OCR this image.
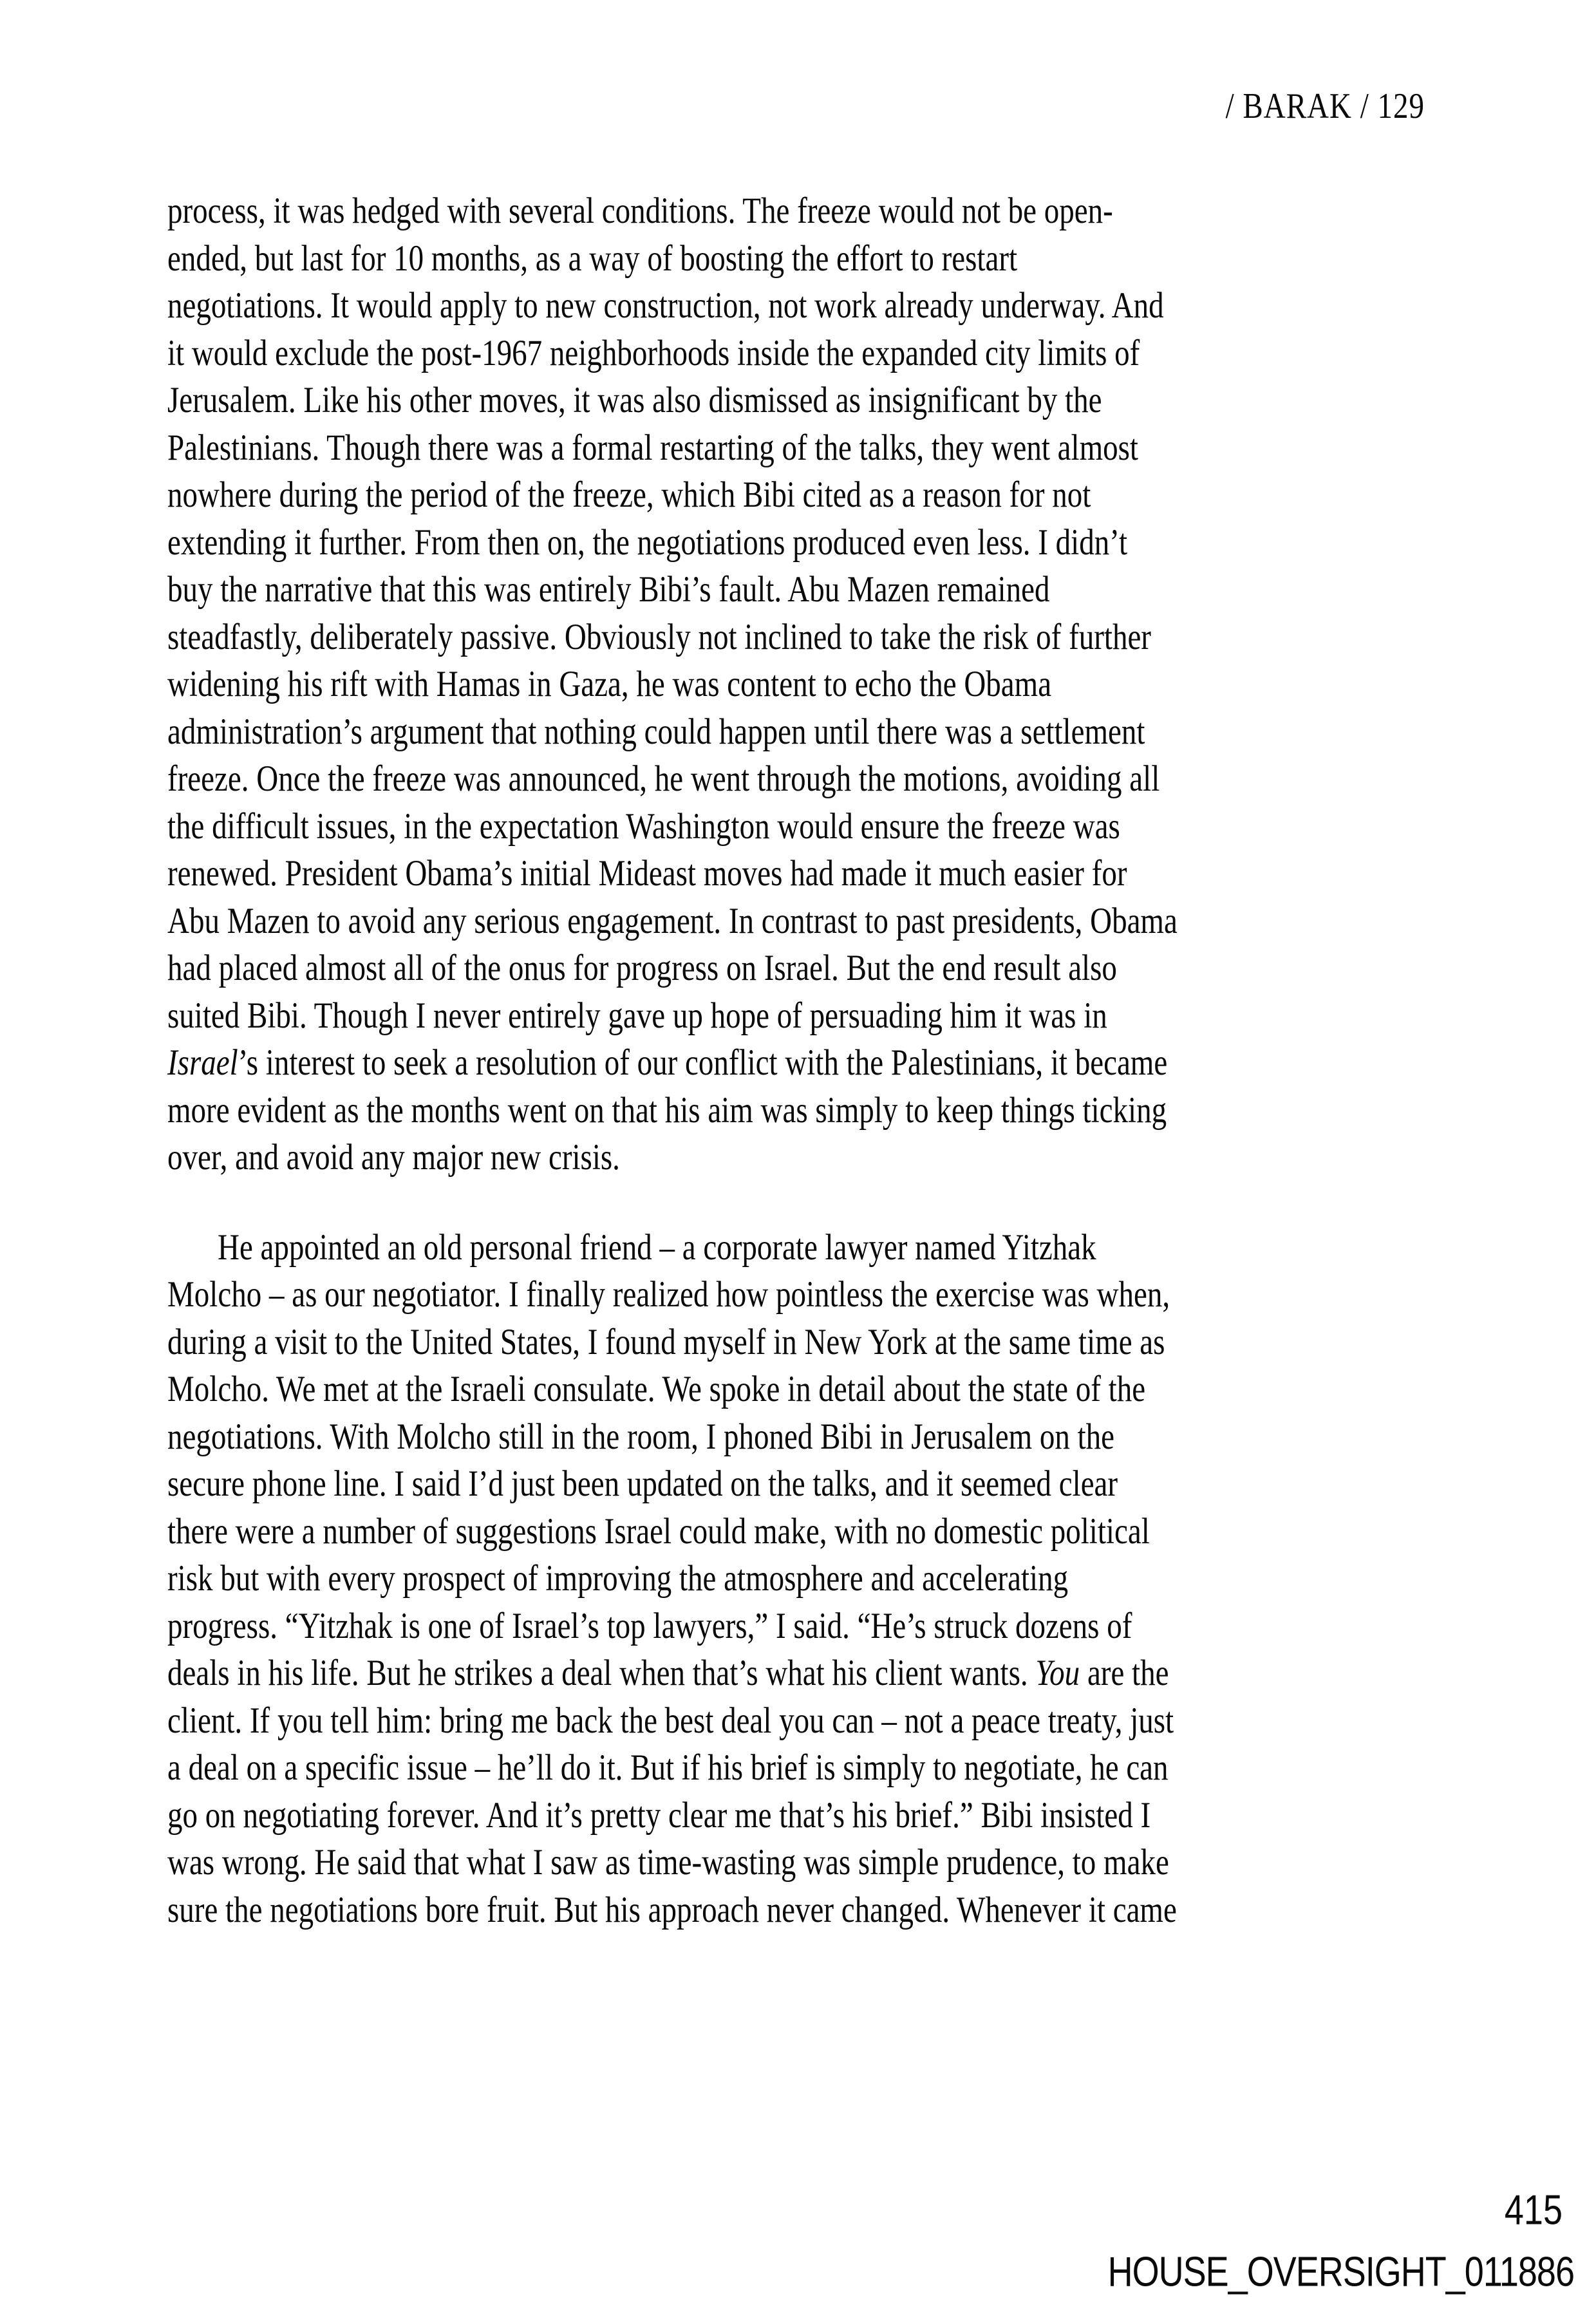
/ BARAK / 129
process, it was hedged with several conditions. The freeze would not be open-
ended, but last for 10 months, as a way of boosting the effort to restart
negotiations. It would apply to new construction, not work already underway. And
it would exclude the post-1967 neighborhoods inside the expanded city limits of
Jerusalem. Like his other moves, it was also dismissed as insignificant by the
Palestinians. Though there was a formal restarting of the talks, they went almost
nowhere during the period of the freeze, which Bibi cited as a reason for not
extending it further. From then on, the negotiations produced even less. I didn’t
buy the narrative that this was entirely Bibi’s fault. Abu Mazen remained
steadfastly, deliberately passive. Obviously not inclined to take the risk of further
widening his rift with Hamas in Gaza, he was content to echo the Obama
administration’s argument that nothing could happen until there was a settlement
freeze. Once the freeze was announced, he went through the motions, avoiding all
the difficult issues, in the expectation Washington would ensure the freeze was
renewed. President Obama’s initial Mideast moves had made it much easier for
Abu Mazen to avoid any serious engagement. In contrast to past presidents, Obama
had placed almost all of the onus for progress on Israel. But the end result also
suited Bibi. Though I never entirely gave up hope of persuading him it was in
Israel’s interest to seek a resolution of our conflict with the Palestinians, it became
more evident as the months went on that his aim was simply to keep things ticking
over, and avoid any major new crisis.
He appointed an old personal friend – a corporate lawyer named Yitzhak
Molcho – as our negotiator. I finally realized how pointless the exercise was when,
during a visit to the United States, I found myself in New York at the same time as
Molcho. We met at the Israeli consulate. We spoke in detail about the state of the
negotiations. With Molcho still in the room, I phoned Bibi in Jerusalem on the
secure phone line. I said I’d just been updated on the talks, and it seemed clear
there were a number of suggestions Israel could make, with no domestic political
risk but with every prospect of improving the atmosphere and accelerating
progress. “Yitzhak is one of Israel’s top lawyers,” I said. “He’s struck dozens of
deals in his life. But he strikes a deal when that’s what his client wants. You are the
client. If you tell him: bring me back the best deal you can – not a peace treaty, just
a deal on a specific issue – he’ll do it. But if his brief is simply to negotiate, he can
go on negotiating forever. And it’s pretty clear me that’s his brief.” Bibi insisted I
was wrong. He said that what I saw as time-wasting was simple prudence, to make
sure the negotiations bore fruit. But his approach never changed. Whenever it came
415
HOUSE_OVERSIGHT_011886
